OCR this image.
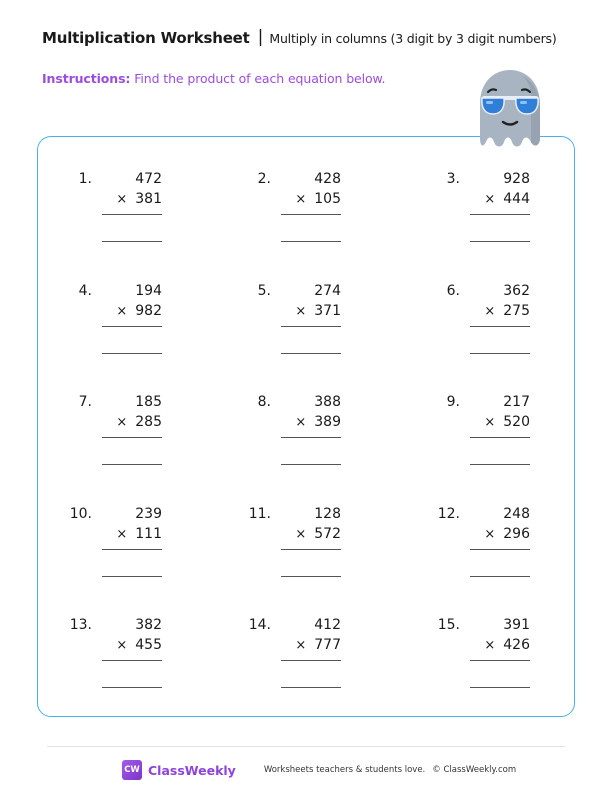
Multiplication Worksheet | Multiply in columns (3 digit by 3 digit numbers)
Instructions: Find the product of each equation below.
1.	472
× 381
2.	428
× 105
3.	928
× 444
4.	194
× 982
5.	274
× 371
6.	362
× 275
7.	185
× 285
8.	388
× 389
9.	217
× 520
10.	239
× 111
11.	128
× 572
12.	248
× 296
13.	382
× 455
14.	412
× 777
15.	391
× 426
CW ClassWeekly	Worksheets teachers & students love. © ClassWeekly.com
